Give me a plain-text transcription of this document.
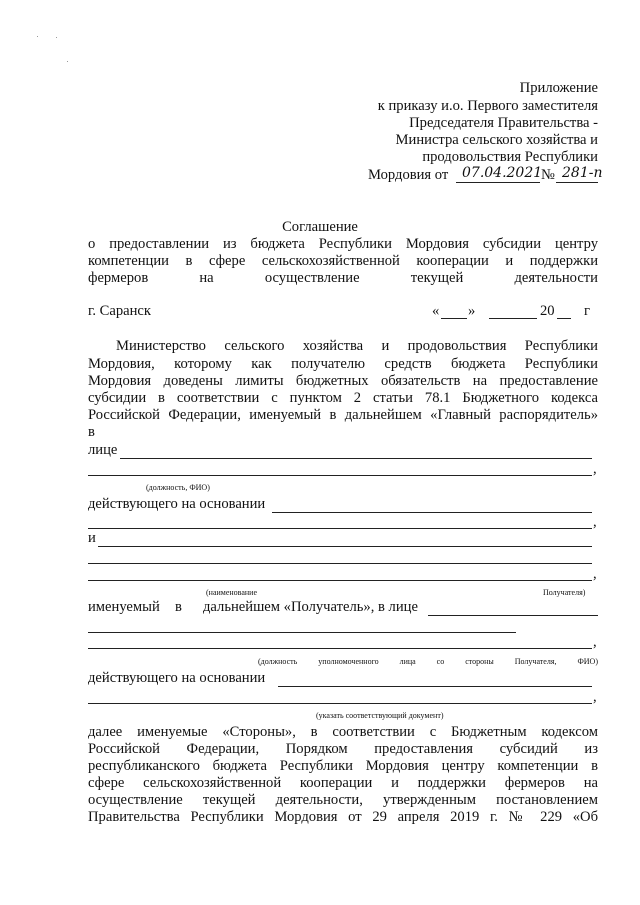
Приложение
к приказу и.о. Первого заместителя
Председателя Правительства -
Министра сельского хозяйства и
продовольствия Республики
Мордовия от 07.04.2021
№ 281-п
Соглашение
о предоставлении из бюджета Республики Мордовия субсидии центру
компетенции в сфере сельскохозяйственной кооперации и поддержки
фермеров	на	осуществление	текущей	деятельности
г. Саранск	« »	20 г
Министерство сельского хозяйства и продовольствия Республики
Мордовия, которому как получателю средств бюджета Республики
Мордовия доведены лимиты бюджетных обязательств на предоставление
субсидии в соответствии с пунктом 2 статьи 78.1 Бюджетного кодекса
Российской Федерации, именуемый в дальнейшем «Главный распорядитель»
в
лице
,
(должность, ФИО)
действующего на основании
,
и
,
(наименование	Получателя)
именуемый в дальнейшем «Получатель», в лице
,
(должность	уполномоченного	лица	со	стороны	Получателя,	ФИО)
действующего на основании
,
(указать соответствующий документ)
далее именуемые «Стороны», в соответствии с Бюджетным кодексом
Российской Федерации, Порядком предоставления субсидий из
республиканского бюджета Республики Мордовия центру компетенции в
сфере сельскохозяйственной кооперации и поддержки фермеров на
осуществление текущей деятельности, утвержденным постановлением
Правительства Республики Мордовия от 29 апреля 2019 г. № 229 «Об
